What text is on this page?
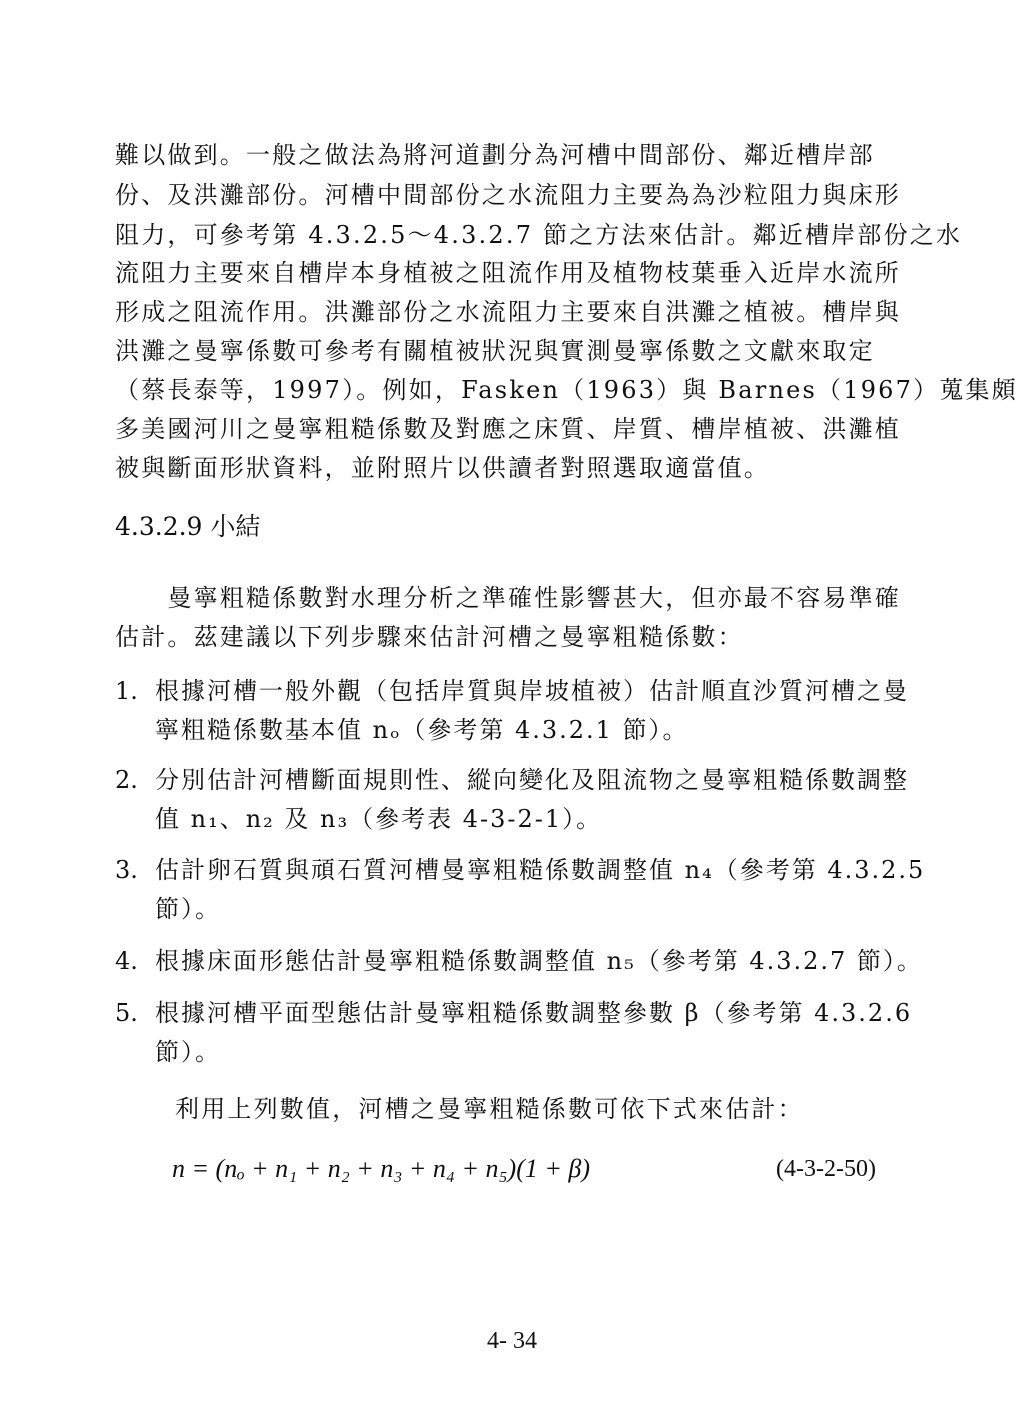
難以做到。一般之做法為將河道劃分為河槽中間部份、鄰近槽岸部
份、及洪灘部份。河槽中間部份之水流阻力主要為為沙粒阻力與床形
阻力，可參考第 4.3.2.5～4.3.2.7 節之方法來估計。鄰近槽岸部份之水
流阻力主要來自槽岸本身植被之阻流作用及植物枝葉垂入近岸水流所
形成之阻流作用。洪灘部份之水流阻力主要來自洪灘之植被。槽岸與
洪灘之曼寧係數可參考有關植被狀況與實測曼寧係數之文獻來取定
（蔡長泰等，1997）。例如，Fasken（1963）與 Barnes（1967）蒐集頗
多美國河川之曼寧粗糙係數及對應之床質、岸質、槽岸植被、洪灘植
被與斷面形狀資料，並附照片以供讀者對照選取適當值。
4.3.2.9 小結
　　曼寧粗糙係數對水理分析之準確性影響甚大，但亦最不容易準確
估計。茲建議以下列步驟來估計河槽之曼寧粗糙係數：
1. 根據河槽一般外觀（包括岸質與岸坡植被）估計順直沙質河槽之曼
寧粗糙係數基本值 nₒ（參考第 4.3.2.1 節）。
2. 分別估計河槽斷面規則性、縱向變化及阻流物之曼寧粗糙係數調整
值 n₁、n₂ 及 n₃（參考表 4-3-2-1）。
3. 估計卵石質與頑石質河槽曼寧粗糙係數調整值 n₄（參考第 4.3.2.5
節）。
4. 根據床面形態估計曼寧粗糙係數調整值 n₅（參考第 4.3.2.7 節）。
5. 根據河槽平面型態估計曼寧粗糙係數調整參數 β（參考第 4.3.2.6
節）。
利用上列數值，河槽之曼寧粗糙係數可依下式來估計：
n = (nₒ + n₁ + n₂ + n₃ + n₄ + n₅)(1 + β)	(4-3-2-50)
4- 34
